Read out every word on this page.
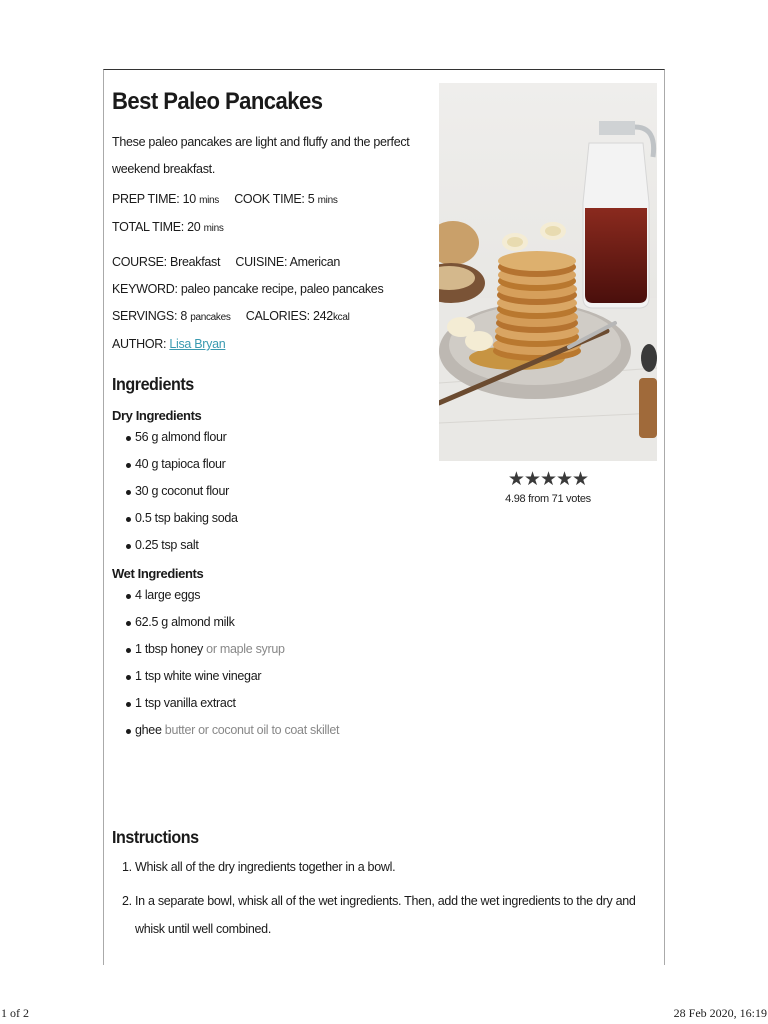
Best Paleo Pancakes

These paleo pancakes are light and fluffy and the perfect weekend breakfast.

PREP TIME: 10 mins COOK TIME: 5 mins
TOTAL TIME: 20 mins
COURSE: Breakfast CUISINE: American
KEYWORD: paleo pancake recipe, paleo pancakes
SERVINGS: 8 pancakes CALORIES: 242kcal
AUTHOR: Lisa Bryan
Ingredients
Dry Ingredients
56 g almond flour
40 g tapioca flour
30 g coconut flour
0.5 tsp baking soda
0.25 tsp salt
Wet Ingredients
4 large eggs
62.5 g almond milk
1 tbsp honey or maple syrup
1 tsp white wine vinegar
1 tsp vanilla extract
ghee butter or coconut oil to coat skillet
Instructions
1. Whisk all of the dry ingredients together in a bowl.
2. In a separate bowl, whisk all of the wet ingredients. Then, add the wet ingredients to the dry and whisk until well combined.
★★★★★
4.98 from 71 votes
1 of 2	28 Feb 2020, 16:19
